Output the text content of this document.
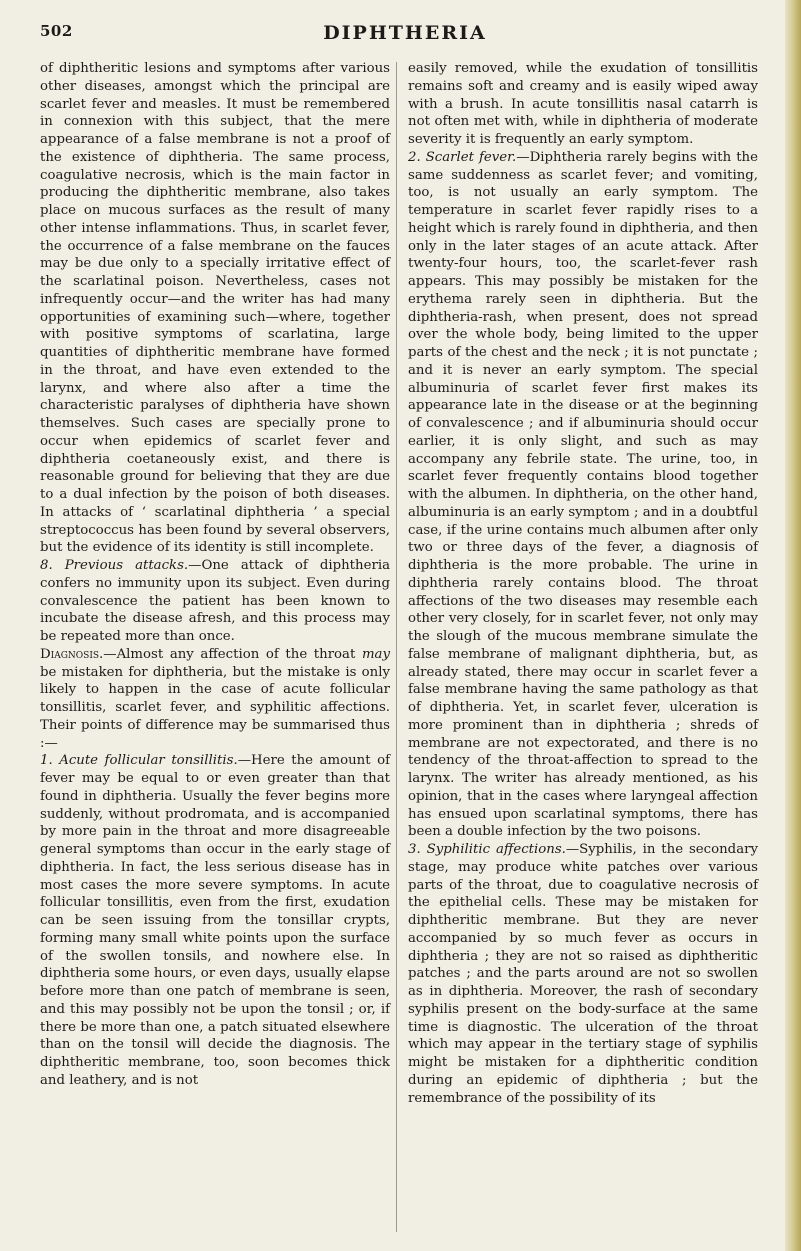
502	DIPHTHERIA

of diphtheritic lesions and symptoms after various other diseases, amongst which the principal are scarlet fever and measles. It must be remembered in connexion with this subject, that the mere appearance of a false membrane is not a proof of the existence of diphtheria. The same process, coagulative necrosis, which is the main factor in producing the diphtheritic membrane, also takes place on mucous surfaces as the result of many other intense inflammations. Thus, in scarlet fever, the occurrence of a false membrane on the fauces may be due only to a specially irritative effect of the scarlatinal poison. Nevertheless, cases not infrequently occur—and the writer has had many opportunities of examining such—where, together with positive symptoms of scarlatina, large quantities of diphtheritic membrane have formed in the throat, and have even extended to the larynx, and where also after a time the characteristic paralyses of diphtheria have shown themselves. Such cases are specially prone to occur when epidemics of scarlet fever and diphtheria coetaneously exist, and there is reasonable ground for believing that they are due to a dual infection by the poison of both diseases. In attacks of ‘ scarlatinal diphtheria ’ a special streptococcus has been found by several observers, but the evidence of its identity is still incomplete.

8. Previous attacks.—One attack of diphtheria confers no immunity upon its subject. Even during convalescence the patient has been known to incubate the disease afresh, and this process may be repeated more than once.

Diagnosis.—Almost any affection of the throat may be mistaken for diphtheria, but the mistake is only likely to happen in the case of acute follicular tonsillitis, scarlet fever, and syphilitic affections. Their points of difference may be summarised thus :—

1. Acute follicular tonsillitis.—Here the amount of fever may be equal to or even greater than that found in diphtheria. Usually the fever begins more suddenly, without prodromata, and is accompanied by more pain in the throat and more disagreeable general symptoms than occur in the early stage of diphtheria. In fact, the less serious disease has in most cases the more severe symptoms. In acute follicular tonsillitis, even from the first, exudation can be seen issuing from the tonsillar crypts, forming many small white points upon the surface of the swollen tonsils, and nowhere else. In diphtheria some hours, or even days, usually elapse before more than one patch of membrane is seen, and this may possibly not be upon the tonsil ; or, if there be more than one, a patch situated elsewhere than on the tonsil will decide the diagnosis. The diphtheritic membrane, too, soon becomes thick and leathery, and is not

easily removed, while the exudation of tonsillitis remains soft and creamy and is easily wiped away with a brush. In acute tonsillitis nasal catarrh is not often met with, while in diphtheria of moderate severity it is frequently an early symptom.

2. Scarlet fever.—Diphtheria rarely begins with the same suddenness as scarlet fever; and vomiting, too, is not usually an early symptom. The temperature in scarlet fever rapidly rises to a height which is rarely found in diphtheria, and then only in the later stages of an acute attack. After twenty-four hours, too, the scarlet-fever rash appears. This may possibly be mistaken for the erythema rarely seen in diphtheria. But the diphtheria-rash, when present, does not spread over the whole body, being limited to the upper parts of the chest and the neck ; it is not punctate ; and it is never an early symptom. The special albuminuria of scarlet fever first makes its appearance late in the disease or at the beginning of convalescence ; and if albuminuria should occur earlier, it is only slight, and such as may accompany any febrile state. The urine, too, in scarlet fever frequently contains blood together with the albumen. In diphtheria, on the other hand, albuminuria is an early symptom ; and in a doubtful case, if the urine contains much albumen after only two or three days of the fever, a diagnosis of diphtheria is the more probable. The urine in diphtheria rarely contains blood. The throat affections of the two diseases may resemble each other very closely, for in scarlet fever, not only may the slough of the mucous membrane simulate the false membrane of malignant diphtheria, but, as already stated, there may occur in scarlet fever a false membrane having the same pathology as that of diphtheria. Yet, in scarlet fever, ulceration is more prominent than in diphtheria ; shreds of membrane are not expectorated, and there is no tendency of the throat-affection to spread to the larynx. The writer has already mentioned, as his opinion, that in the cases where laryngeal affection has ensued upon scarlatinal symptoms, there has been a double infection by the two poisons.

3. Syphilitic affections.—Syphilis, in the secondary stage, may produce white patches over various parts of the throat, due to coagulative necrosis of the epithelial cells. These may be mistaken for diphtheritic membrane. But they are never accompanied by so much fever as occurs in diphtheria ; they are not so raised as diphtheritic patches ; and the parts around are not so swollen as in diphtheria. Moreover, the rash of secondary syphilis present on the body-surface at the same time is diagnostic. The ulceration of the throat which may appear in the tertiary stage of syphilis might be mistaken for a diphtheritic condition during an epidemic of diphtheria ; but the remembrance of the possibility of its
